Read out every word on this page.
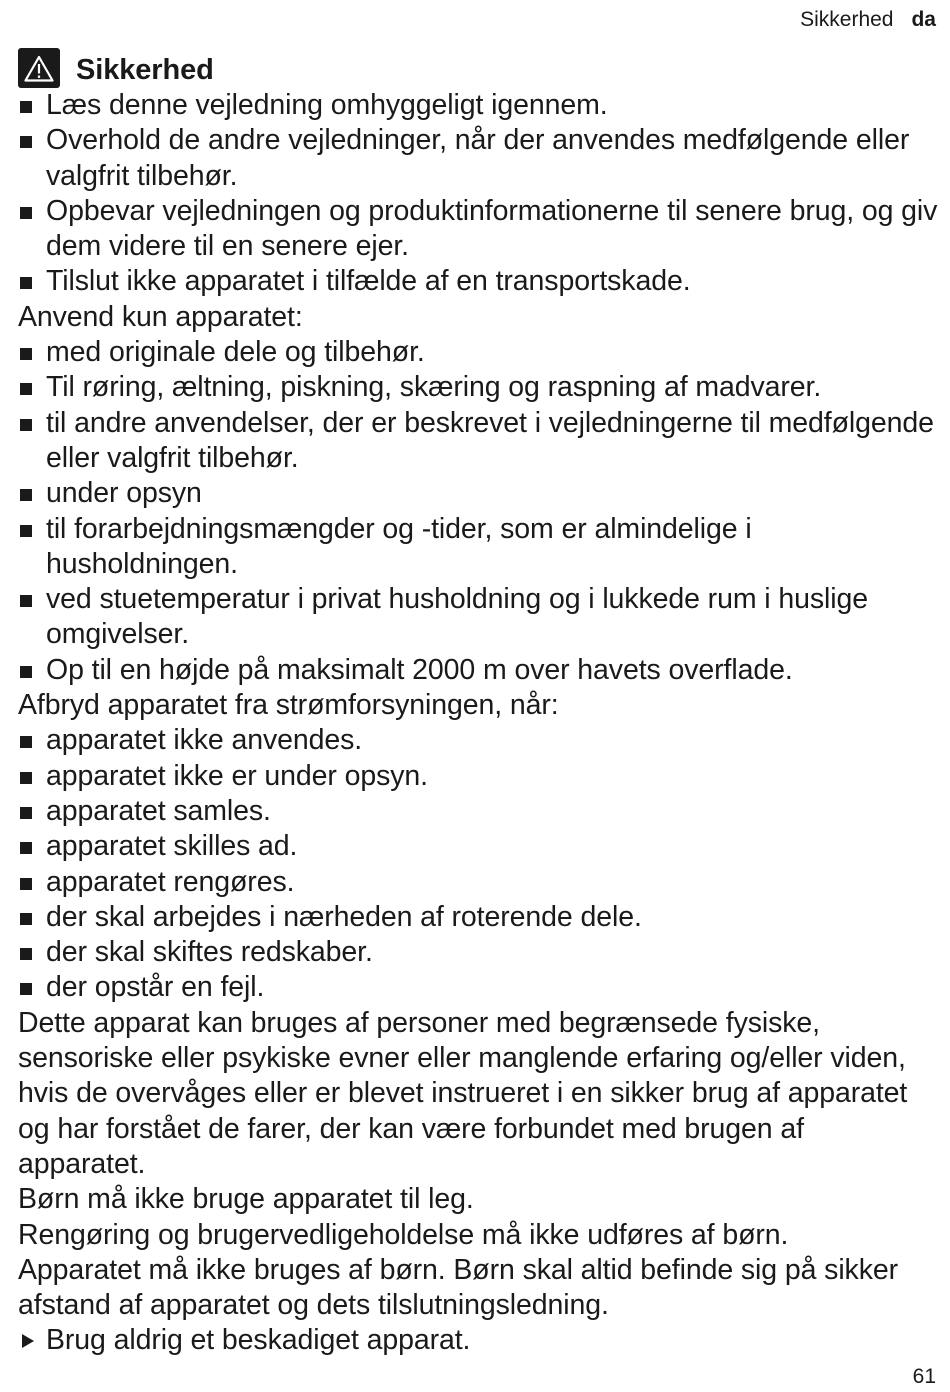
Sikkerhed da
Sikkerhed
Læs denne vejledning omhyggeligt igennem.
Overhold de andre vejledninger, når der anvendes medfølgende eller valgfrit tilbehør.
Opbevar vejledningen og produktinformationerne til senere brug, og giv dem videre til en senere ejer.
Tilslut ikke apparatet i tilfælde af en transportskade.

Anvend kun apparatet:

med originale dele og tilbehør.
Til røring, æltning, piskning, skæring og raspning af madvarer.
til andre anvendelser, der er beskrevet i vejledningerne til medfølgende eller valgfrit tilbehør.
under opsyn
til forarbejdningsmængder og -tider, som er almindelige i husholdningen.
ved stuetemperatur i privat husholdning og i lukkede rum i huslige omgivelser.
Op til en højde på maksimalt 2000 m over havets overflade.

Afbryd apparatet fra strømforsyningen, når:

apparatet ikke anvendes.
apparatet ikke er under opsyn.
apparatet samles.
apparatet skilles ad.
apparatet rengøres.
der skal arbejdes i nærheden af roterende dele.
der skal skiftes redskaber.
der opstår en fejl.

Dette apparat kan bruges af personer med begrænsede fysiske, sensoriske eller psykiske evner eller manglende erfaring og/eller viden, hvis de overvåges eller er blevet instrueret i en sikker brug af apparatet og har forstået de farer, der kan være forbundet med brugen af apparatet.

Børn må ikke bruge apparatet til leg.

Rengøring og brugervedligeholdelse må ikke udføres af børn.

Apparatet må ikke bruges af børn. Børn skal altid befinde sig på sikker afstand af apparatet og dets tilslutningsledning.

Brug aldrig et beskadiget apparat.
61
